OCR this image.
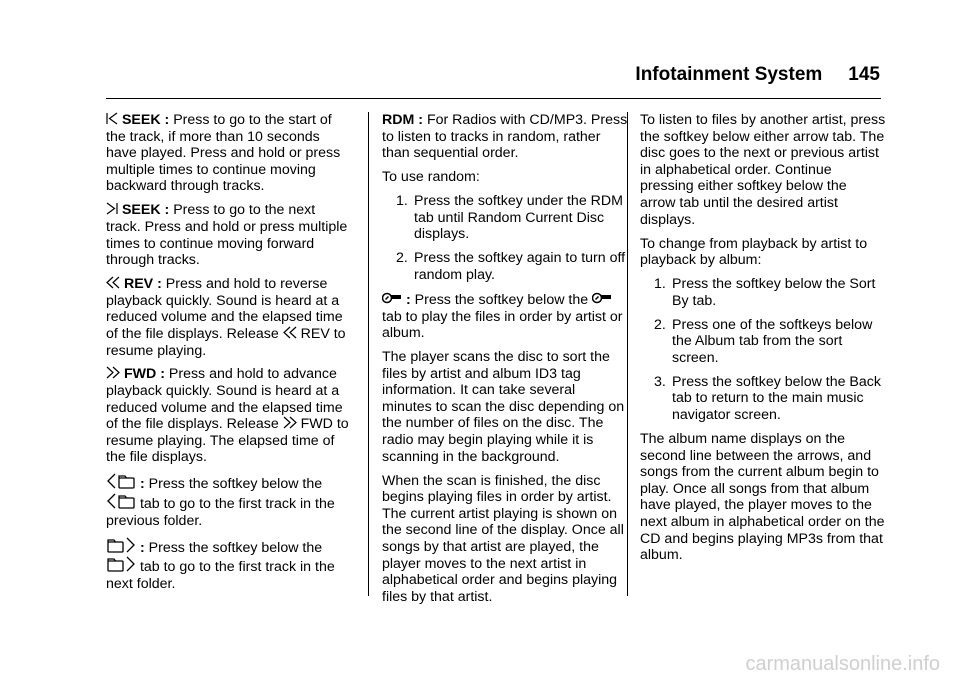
Infotainment System 145

SEEK : Press to go to the start of the track, if more than 10 seconds have played. Press and hold or press multiple times to continue moving backward through tracks.

SEEK : Press to go to the next track. Press and hold or press multiple times to continue moving forward through tracks.

REV : Press and hold to reverse playback quickly. Sound is heard at a reduced volume and the elapsed time of the file displays. Release REV to resume playing.

FWD : Press and hold to advance playback quickly. Sound is heard at a reduced volume and the elapsed time of the file displays. Release FWD to resume playing. The elapsed time of the file displays.

: Press the softkey below the
tab to go to the first track in the previous folder.

: Press the softkey below the
tab to go to the first track in the next folder.

RDM : For Radios with CD/MP3. Press to listen to tracks in random, rather than sequential order.

To use random:

1. Press the softkey under the RDM tab until Random Current Disc displays.
2. Press the softkey again to turn off random play.

: Press the softkey below the
tab to play the files in order by artist or album.

The player scans the disc to sort the files by artist and album ID3 tag information. It can take several minutes to scan the disc depending on the number of files on the disc. The radio may begin playing while it is scanning in the background.

When the scan is finished, the disc begins playing files in order by artist. The current artist playing is shown on the second line of the display. Once all songs by that artist are played, the player moves to the next artist in alphabetical order and begins playing files by that artist.

To listen to files by another artist, press the softkey below either arrow tab. The disc goes to the next or previous artist in alphabetical order. Continue pressing either softkey below the arrow tab until the desired artist displays.

To change from playback by artist to playback by album:

1. Press the softkey below the Sort By tab.
2. Press one of the softkeys below the Album tab from the sort screen.
3. Press the softkey below the Back tab to return to the main music navigator screen.

The album name displays on the second line between the arrows, and songs from the current album begin to play. Once all songs from that album have played, the player moves to the next album in alphabetical order on the CD and begins playing MP3s from that album.

carmanualsonline.info
